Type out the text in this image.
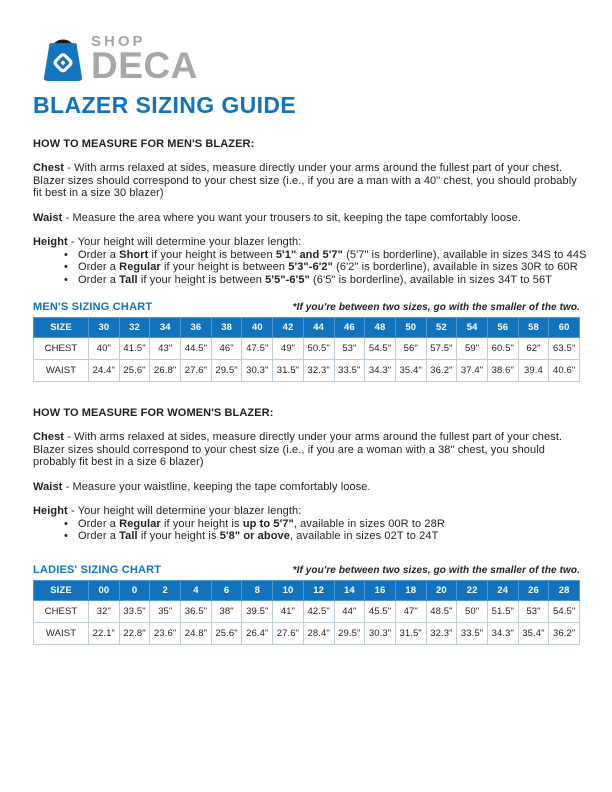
SHOP
DECA
BLAZER SIZING GUIDE
HOW TO MEASURE FOR MEN'S BLAZER:

Chest - With arms relaxed at sides, measure directly under your arms around the fullest part of your chest. Blazer sizes should correspond to your chest size (i.e., if you are a man with a 40" chest, you should probably fit best in a size 30 blazer)

Waist - Measure the area where you want your trousers to sit, keeping the tape comfortably loose.

Height - Your height will determine your blazer length:

• Order a Short if your height is between 5'1" and 5'7" (5'7" is borderline), available in sizes 34S to 44S
• Order a Regular if your height is between 5'3"-6'2" (6'2" is borderline), available in sizes 30R to 60R
• Order a Tall if your height is between 5'5"-6'5" (6'5" is borderline), available in sizes 34T to 56T
MEN'S SIZING CHART	*If you're between two sizes, go with the smaller of the two.
SIZE	30	32	34	36	38	40	42	44	46	48	50	52	54	56	58	60
CHEST	40"	41.5"	43"	44.5"	46"	47.5"	49"	50.5"	53"	54.5"	56"	57.5"	59"	60.5"	62"	63.5"
WAIST	24.4"	25.6"	26.8"	27.6"	29.5"	30.3"	31.5"	32.3"	33.5"	34.3"	35.4"	36.2"	37.4"	38.6"	39.4	40.6"
HOW TO MEASURE FOR WOMEN'S BLAZER:

Chest - With arms relaxed at sides, measure directly under your arms around the fullest part of your chest. Blazer sizes should correspond to your chest size (i.e., if you are a woman with a 38" chest, you should probably fit best in a size 6 blazer)

Waist - Measure your waistline, keeping the tape comfortably loose.

Height - Your height will determine your blazer length:

• Order a Regular if your height is up to 5'7", available in sizes 00R to 28R
• Order a Tall if your height is 5'8" or above, available in sizes 02T to 24T
LADIES' SIZING CHART	*If you're between two sizes, go with the smaller of the two.
SIZE	00	0	2	4	6	8	10	12	14	16	18	20	22	24	26	28
CHEST	32"	33.5"	35"	36.5"	38"	39.5"	41"	42.5"	44"	45.5"	47"	48.5"	50"	51.5"	53"	54.5"
WAIST	22.1"	22.8"	23.6"	24.8"	25.6"	26.4"	27.6"	28.4"	29.5"	30.3"	31.5"	32.3"	33.5"	34.3"	35.4"	36.2"
